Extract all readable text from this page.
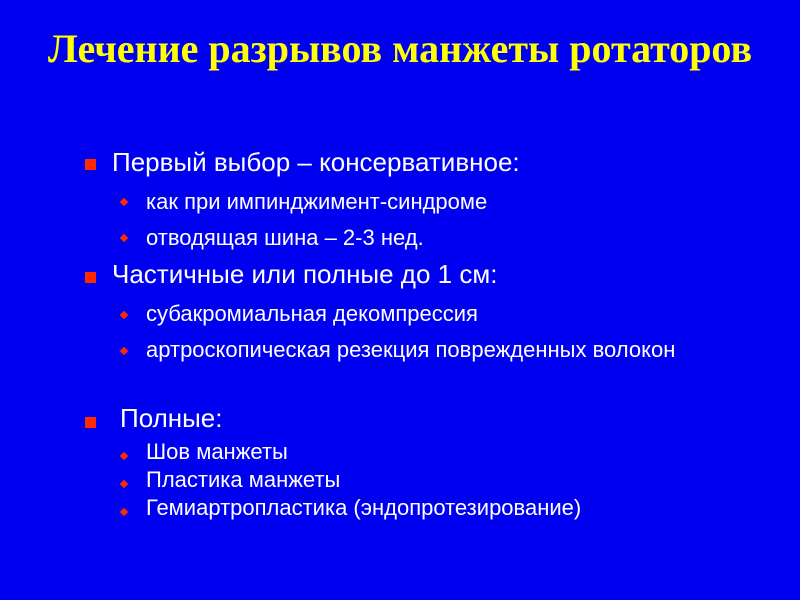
Лечение разрывов манжеты ротаторов
Первый выбор – консервативное:
как при импинджимент-синдроме
отводящая шина – 2-3 нед.
Частичные или полные до 1 см:
субакромиальная декомпрессия
артроскопическая резекция поврежденных волокон
Полные:
Шов манжеты
Пластика манжеты
Гемиартропластика (эндопротезирование)
